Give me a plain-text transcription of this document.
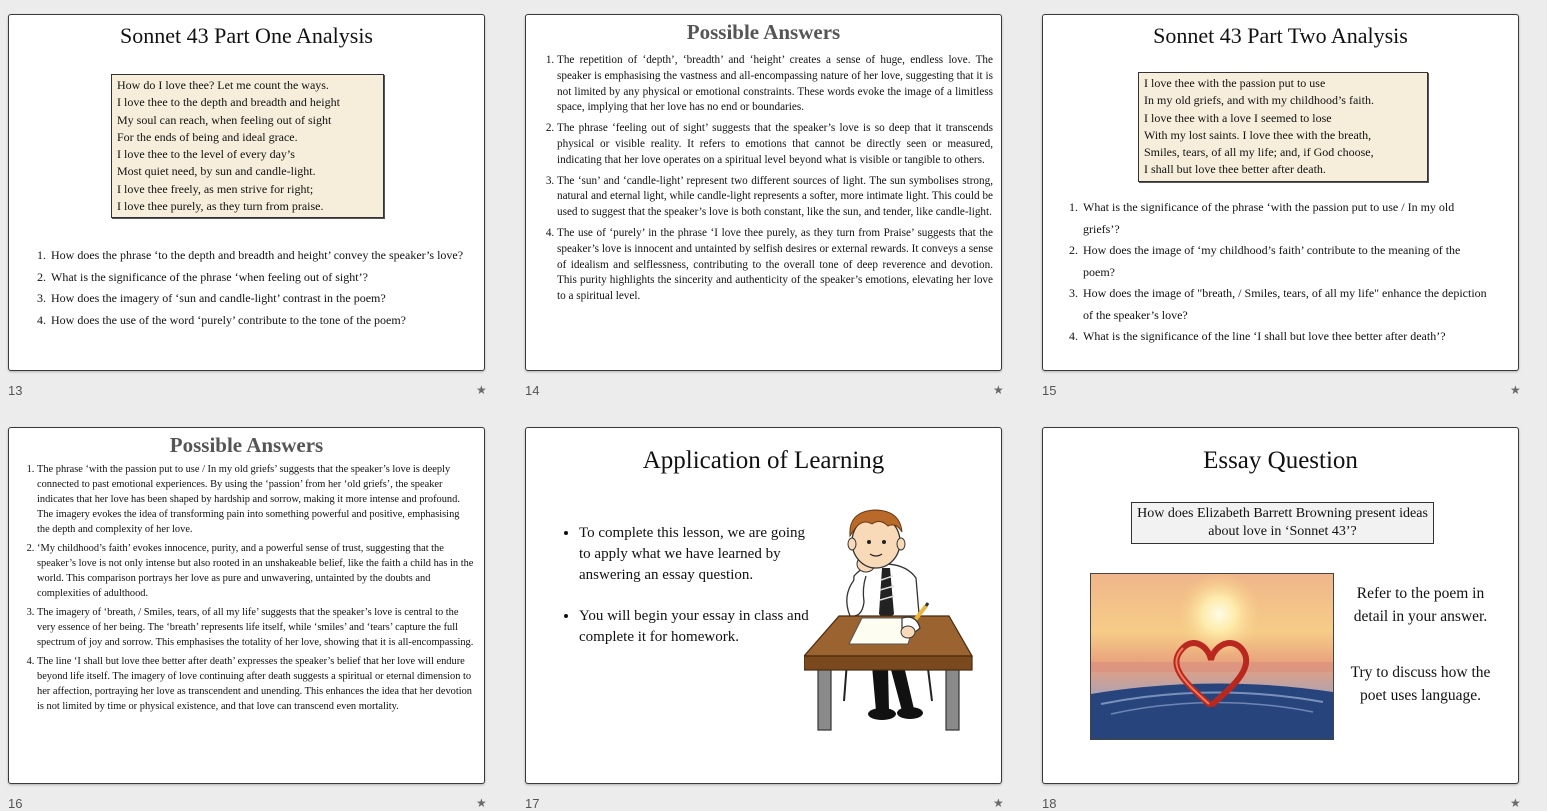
Sonnet 43 Part One Analysis
How do I love thee? Let me count the ways.
I love thee to the depth and breadth and height
My soul can reach, when feeling out of sight
For the ends of being and ideal grace.
I love thee to the level of every day’s
Most quiet need, by sun and candle-light.
I love thee freely, as men strive for right;
I love thee purely, as they turn from praise.
1. How does the phrase ‘to the depth and breadth and height’ convey the speaker’s love?
2. What is the significance of the phrase ‘when feeling out of sight’?
3. How does the imagery of ‘sun and candle-light’ contrast in the poem?
4. How does the use of the word ‘purely’ contribute to the tone of the poem?
13	★
Possible Answers
1. The repetition of ‘depth’, ‘breadth’ and ‘height’ creates a sense of huge, endless love. The speaker is emphasising the vastness and all-encompassing nature of her love, suggesting that it is not limited by any physical or emotional constraints. These words evoke the image of a limitless space, implying that her love has no end or boundaries.
2. The phrase ‘feeling out of sight’ suggests that the speaker’s love is so deep that it transcends physical or visible reality. It refers to emotions that cannot be directly seen or measured, indicating that her love operates on a spiritual level beyond what is visible or tangible to others.
3. The ‘sun’ and ‘candle-light’ represent two different sources of light. The sun symbolises strong, natural and eternal light, while candle-light represents a softer, more intimate light. This could be used to suggest that the speaker’s love is both constant, like the sun, and tender, like candle-light.
4. The use of ‘purely’ in the phrase ‘I love thee purely, as they turn from Praise’ suggests that the speaker’s love is innocent and untainted by selfish desires or external rewards. It conveys a sense of idealism and selflessness, contributing to the overall tone of deep reverence and devotion. This purity highlights the sincerity and authenticity of the speaker’s emotions, elevating her love to a spiritual level.
14	★
Sonnet 43 Part Two Analysis
I love thee with the passion put to use
In my old griefs, and with my childhood’s faith.
I love thee with a love I seemed to lose
With my lost saints. I love thee with the breath,
Smiles, tears, of all my life; and, if God choose,
I shall but love thee better after death.
1. What is the significance of the phrase ‘with the passion put to use / In my old griefs’?
2. How does the image of ‘my childhood’s faith’ contribute to the meaning of the poem?
3. How does the image of "breath, / Smiles, tears, of all my life" enhance the depiction of the speaker’s love?
4. What is the significance of the line ‘I shall but love thee better after death’?
15	★
Possible Answers
1. The phrase ‘with the passion put to use / In my old griefs’ suggests that the speaker’s love is deeply connected to past emotional experiences. By using the ‘passion’ from her ‘old griefs’, the speaker indicates that her love has been shaped by hardship and sorrow, making it more intense and profound. The imagery evokes the idea of transforming pain into something powerful and positive, emphasising the depth and complexity of her love.
2. ‘My childhood’s faith’ evokes innocence, purity, and a powerful sense of trust, suggesting that the speaker’s love is not only intense but also rooted in an unshakeable belief, like the faith a child has in the world. This comparison portrays her love as pure and unwavering, untainted by the doubts and complexities of adulthood.
3. The imagery of ‘breath, / Smiles, tears, of all my life’ suggests that the speaker’s love is central to the very essence of her being. The ‘breath’ represents life itself, while ‘smiles’ and ‘tears’ capture the full spectrum of joy and sorrow. This emphasises the totality of her love, showing that it is all-encompassing.
4. The line ‘I shall but love thee better after death’ expresses the speaker’s belief that her love will endure beyond life itself. The imagery of love continuing after death suggests a spiritual or eternal dimension to her affection, portraying her love as transcendent and unending. This enhances the idea that her devotion is not limited by time or physical existence, and that love can transcend even mortality.
16	★
Application of Learning
• To complete this lesson, we are going to apply what we have learned by answering an essay question.
• You will begin your essay in class and complete it for homework.
17	★
Essay Question
How does Elizabeth Barrett Browning present ideas about love in ‘Sonnet 43’?
Refer to the poem in detail in your answer.
Try to discuss how the poet uses language.
18	★
